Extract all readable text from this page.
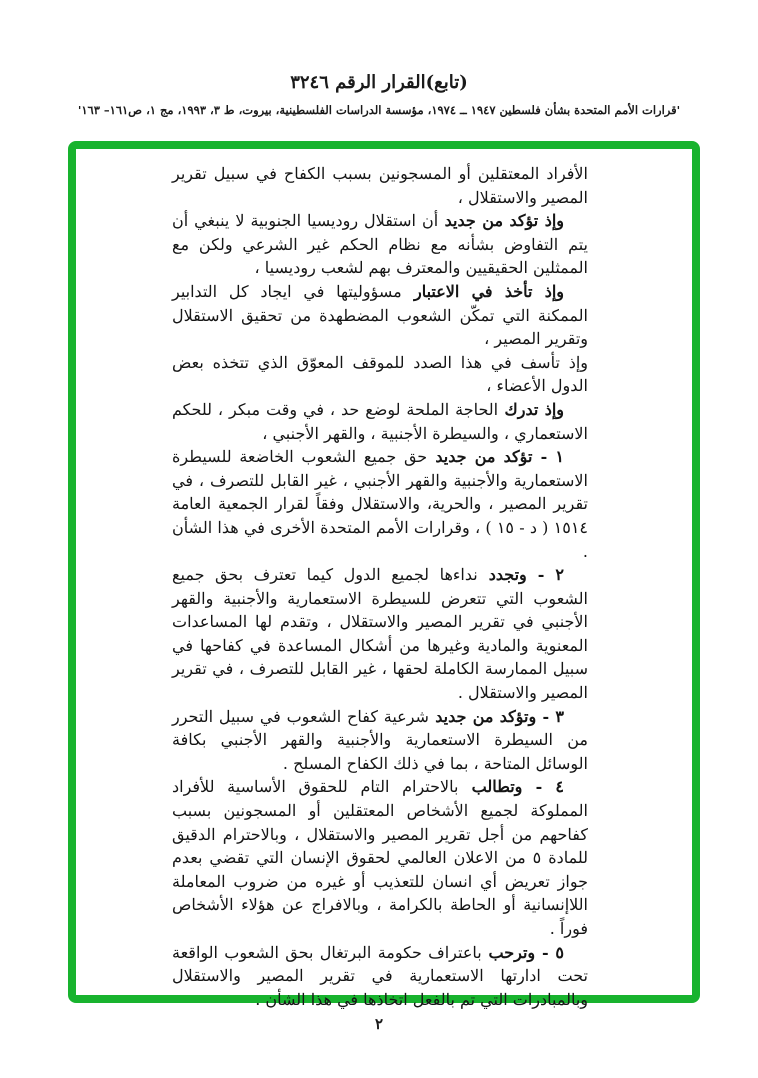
(تابع)القرار الرقم ٣٢٤٦
'قرارات الأمم المتحدة بشأن فلسطين ١٩٤٧ ــ ١٩٧٤، مؤسسة الدراسات الفلسطينية، بيروت، ط ٣، ١٩٩٣، مج ١، ص١٦١– ١٦٣'

الأفراد المعتقلين أو المسجونين بسبب الكفاح في سبيل تقرير المصير والاستقلال ،

وإذ تؤكد من جديد أن استقلال روديسيا الجنوبية لا ينبغي أن يتم التفاوض بشأنه مع نظام الحكم غير الشرعي ولكن مع الممثلين الحقيقيين والمعترف بهم لشعب روديسيا ،

وإذ تأخذ في الاعتبار مسؤوليتها في ايجاد كل التدابير الممكنة التي تمكّن الشعوب المضطهدة من تحقيق الاستقلال وتقرير المصير ،

وإذ تأسف في هذا الصدد للموقف المعوّق الذي تتخذه بعض الدول الأعضاء ،

وإذ تدرك الحاجة الملحة لوضع حد ، في وقت مبكر ، للحكم الاستعماري ، والسيطرة الأجنبية ، والقهر الأجنبي ،

١ - تؤكد من جديد حق جميع الشعوب الخاضعة للسيطرة الاستعمارية والأجنبية والقهر الأجنبي ، غير القابل للتصرف ، في تقرير المصير ، والحرية، والاستقلال وفقاً لقرار الجمعية العامة ١٥١٤ ( د - ١٥ ) ، وقرارات الأمم المتحدة الأخرى في هذا الشأن .

٢ - وتجدد نداءها لجميع الدول كيما تعترف بحق جميع الشعوب التي تتعرض للسيطرة الاستعمارية والأجنبية والقهر الأجنبي في تقرير المصير والاستقلال ، وتقدم لها المساعدات المعنوية والمادية وغيرها من أشكال المساعدة في كفاحها في سبيل الممارسة الكاملة لحقها ، غير القابل للتصرف ، في تقرير المصير والاستقلال .

٣ - وتؤكد من جديد شرعية كفاح الشعوب في سبيل التحرر من السيطرة الاستعمارية والأجنبية والقهر الأجنبي بكافة الوسائل المتاحة ، بما في ذلك الكفاح المسلح .

٤ - وتطالب بالاحترام التام للحقوق الأساسية للأفراد المملوكة لجميع الأشخاص المعتقلين أو المسجونين بسبب كفاحهم من أجل تقرير المصير والاستقلال ، وبالاحترام الدقيق للمادة ٥ من الاعلان العالمي لحقوق الإنسان التي تقضي بعدم جواز تعريض أي انسان للتعذيب أو غيره من ضروب المعاملة اللاإنسانية أو الحاطة بالكرامة ، وبالافراج عن هؤلاء الأشخاص فوراً .

٥ - وترحب باعتراف حكومة البرتغال بحق الشعوب الواقعة تحت ادارتها الاستعمارية في تقرير المصير والاستقلال وبالمبادرات التي تم بالفعل اتخاذها في هذا الشأن .

٢
